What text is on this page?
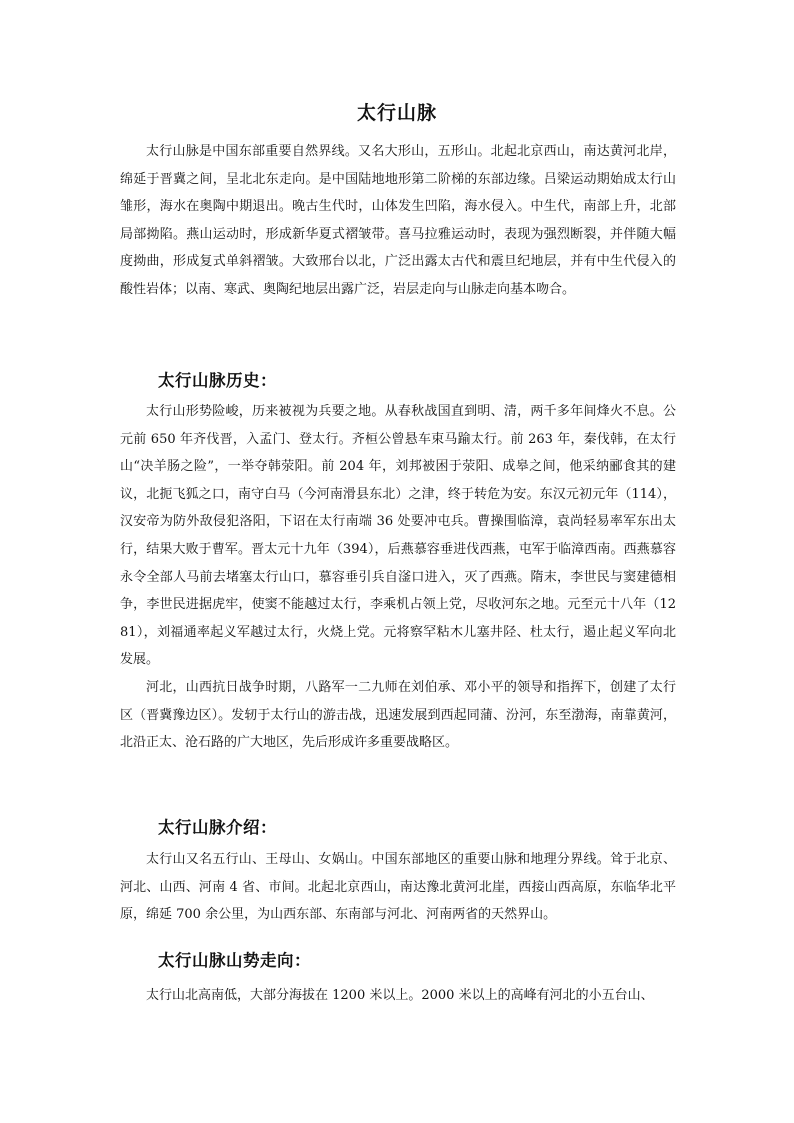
太行山脉

太行山脉是中国东部重要自然界线。又名大形山，五形山。北起北京西山，南达黄河北岸，绵延于晋冀之间，呈北北东走向。是中国陆地地形第二阶梯的东部边缘。吕梁运动期始成太行山雏形，海水在奥陶中期退出。晚古生代时，山体发生凹陷，海水侵入。中生代，南部上升，北部局部拗陷。燕山运动时，形成新华夏式褶皱带。喜马拉雅运动时，表现为强烈断裂，并伴随大幅度拗曲，形成复式单斜褶皱。大致邢台以北，广泛出露太古代和震旦纪地层，并有中生代侵入的酸性岩体；以南、寒武、奥陶纪地层出露广泛，岩层走向与山脉走向基本吻合。

太行山脉历史：

太行山形势险峻，历来被视为兵要之地。从春秋战国直到明、清，两千多年间烽火不息。公元前 650 年齐伐晋，入孟门、登太行。齐桓公曾悬车束马踰太行。前 263 年，秦伐韩，在太行山“决羊肠之险”，一举夺韩荥阳。前 204 年，刘邦被困于荥阳、成皋之间，他采纳郦食其的建议，北扼飞狐之口，南守白马（今河南滑县东北）之津，终于转危为安。东汉元初元年（114），汉安帝为防外敌侵犯洛阳，下诏在太行南端 36 处要冲屯兵。曹操围临漳，袁尚轻易率军东出太行，结果大败于曹军。晋太元十九年（394），后燕慕容垂进伐西燕，屯军于临漳西南。西燕慕容永令全部人马前去堵塞太行山口，慕容垂引兵自滏口进入，灭了西燕。隋末，李世民与窦建德相争，李世民进据虎牢，使窦不能越过太行，李乘机占领上党，尽收河东之地。元至元十八年（1281），刘福通率起义军越过太行，火烧上党。元将察罕粘木儿塞井陉、杜太行，遏止起义军向北发展。

河北，山西抗日战争时期，八路军一二九师在刘伯承、邓小平的领导和指挥下，创建了太行区（晋冀豫边区）。发轫于太行山的游击战，迅速发展到西起同蒲、汾河，东至渤海，南靠黄河，北沿正太、沧石路的广大地区，先后形成许多重要战略区。

太行山脉介绍：

太行山又名五行山、王母山、女娲山。中国东部地区的重要山脉和地理分界线。耸于北京、河北、山西、河南 4 省、市间。北起北京西山，南达豫北黄河北崖，西接山西高原，东临华北平原，绵延 700 余公里，为山西东部、东南部与河北、河南两省的天然界山。

太行山脉山势走向：

太行山北高南低，大部分海拔在 1200 米以上。2000 米以上的高峰有河北的小五台山、
